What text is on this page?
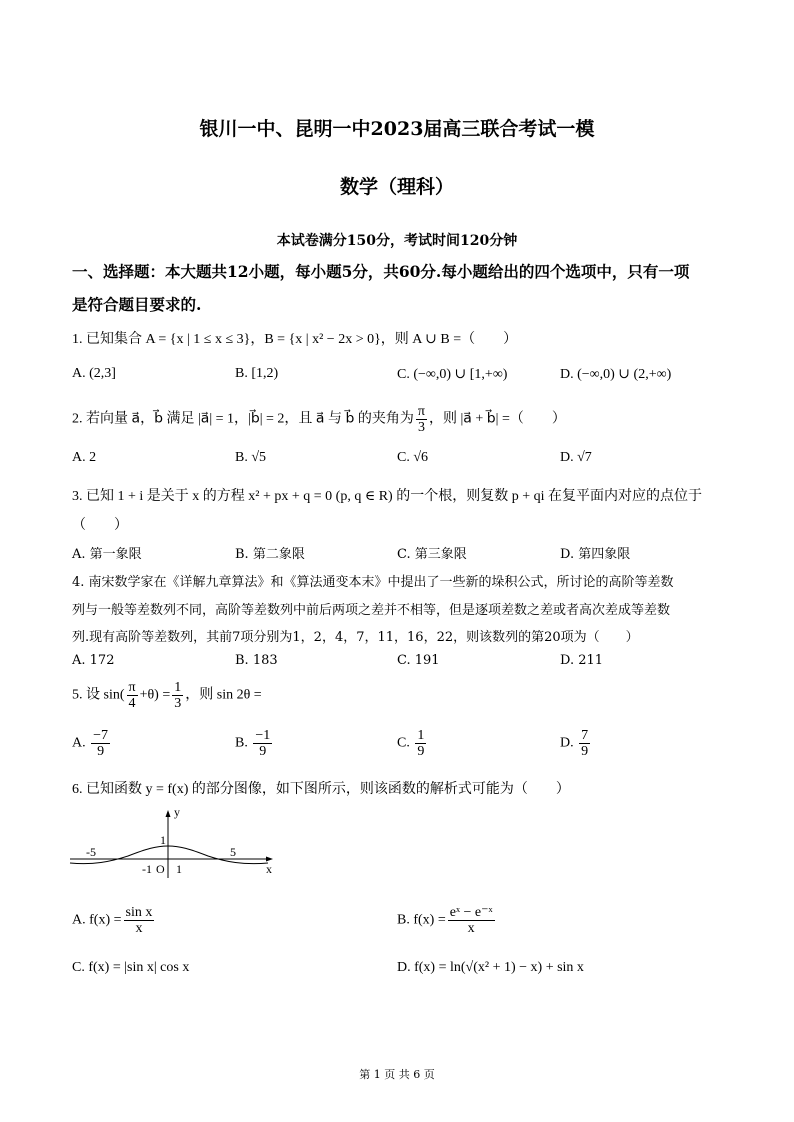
银川一中、昆明一中2023届高三联合考试一模
数学（理科）
本试卷满分150分，考试时间120分钟
一、选择题：本大题共12小题，每小题5分，共60分.每小题给出的四个选项中，只有一项
是符合题目要求的.
1. 已知集合 A = {x | 1 ≤ x ≤ 3}，B = {x | x² − 2x > 0}，则 A ∪ B =（　　）
A. (2,3]	B. [1,2)	C. (−∞,0) ∪ [1,+∞)	D. (−∞,0) ∪ (2,+∞)
2. 若向量 a⃗，b⃗ 满足 |a⃗| = 1，|b⃗| = 2，且 a⃗ 与 b⃗ 的夹角为 $\frac{\pi}{3}$ ，则 |a⃗ + b⃗| =（　　）
A. 2	B. √5	C. √6	D. √7
3. 已知 1 + i 是关于 x 的方程 x² + px + q = 0 (p, q ∈ R) 的一个根，则复数 p + qi 在复平面内对应的点位于
（　　）
A. 第一象限	B. 第二象限	C. 第三象限	D. 第四象限
4. 南宋数学家在《详解九章算法》和《算法通变本末》中提出了一些新的垛积公式，所讨论的高阶等差数
列与一般等差数列不同，高阶等差数列中前后两项之差并不相等，但是逐项差数之差或者高次差成等差数
列.现有高阶等差数列，其前7项分别为1，2，4，7，11，16，22，则该数列的第20项为（　　）
A. 172	B. 183	C. 191	D. 211
5. 设 $\sin( \frac{\pi}{4} +\theta) = \frac{1}{3}$ ，则 sin 2θ =
A. $\frac{-7}{9}$	B. $\frac{-1}{9}$	C. $\frac{1}{9}$	D. $\frac{7}{9}$
6. 已知函数 y = f(x) 的部分图像，如下图所示，则该函数的解析式可能为（　　）
y
x
1
-5	5
-1 O 1
A. $f(x) = \frac{\text{sin x}}{x}$	B. $f(x) = \frac{\text{eˣ − e⁻ˣ}}{x}$
C. f(x) = |sin x| cos x	D. f(x) = ln(√(x² + 1) − x) + sin x
第 1 页 共 6 页
